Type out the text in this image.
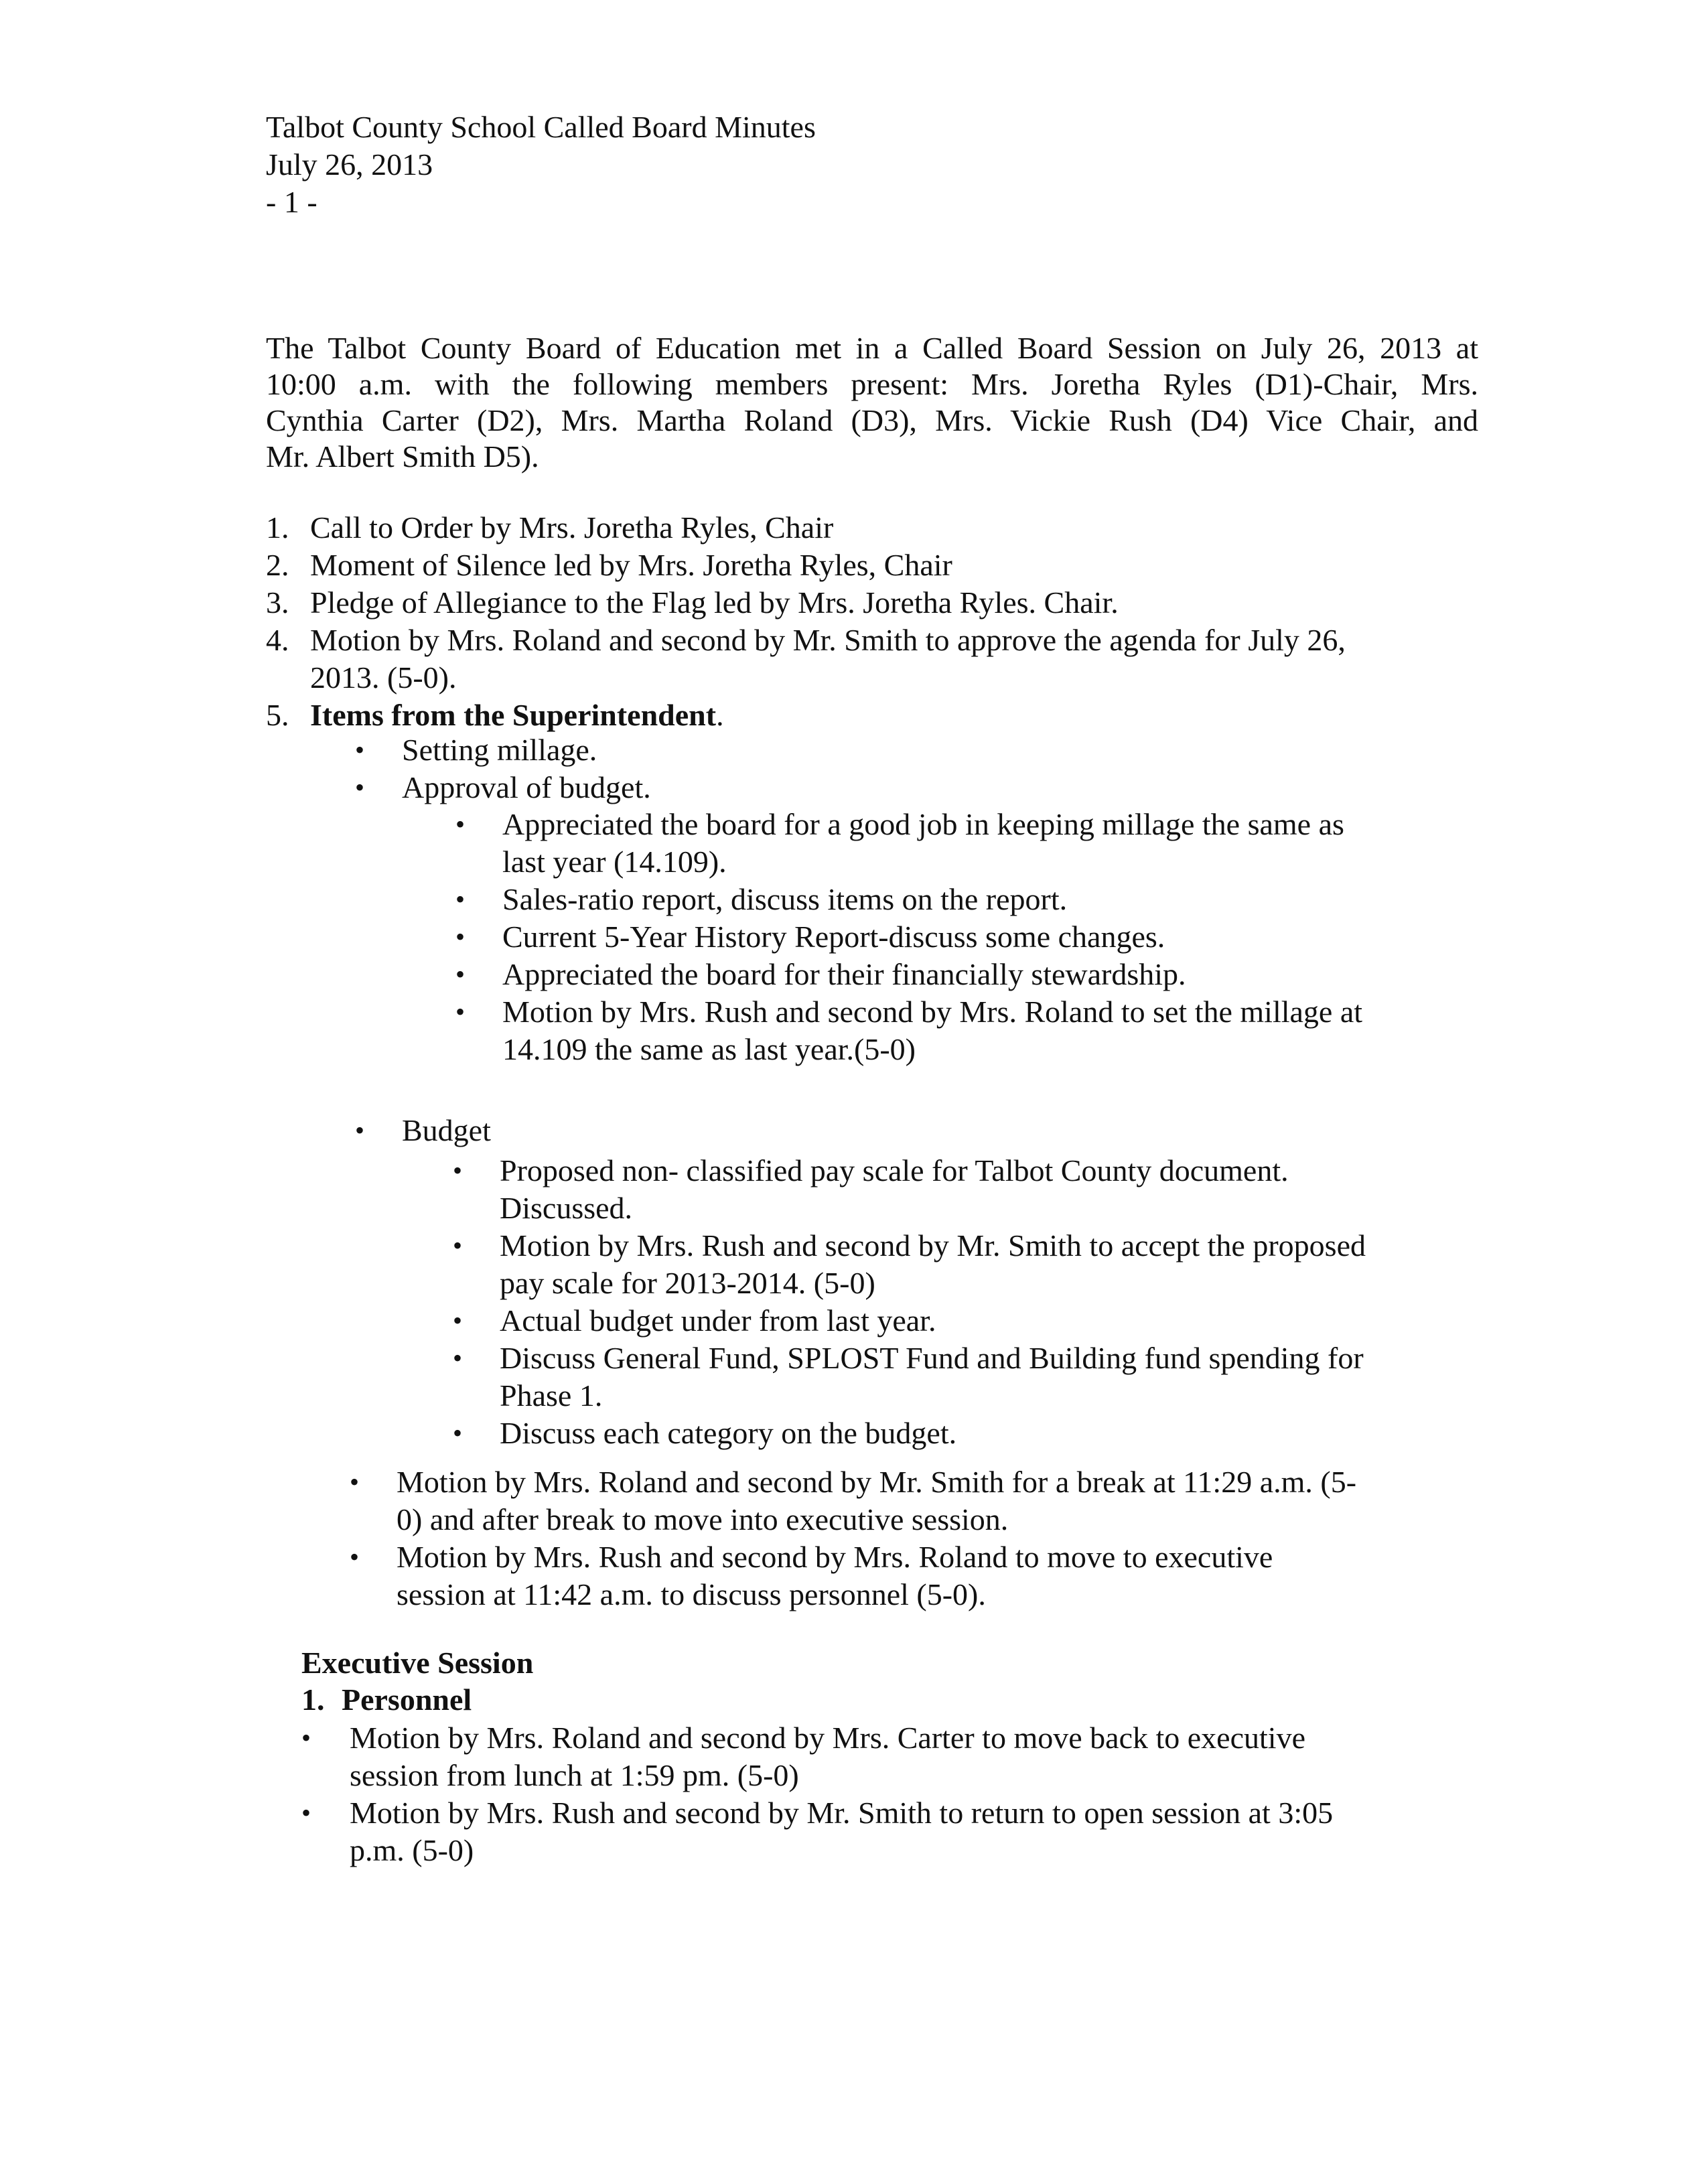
Talbot County School Called Board Minutes
July 26, 2013
- 1 -
The Talbot County Board of Education met in a Called Board Session on July 26, 2013 at
10:00 a.m. with the following members present: Mrs. Joretha Ryles (D1)-Chair, Mrs.
Cynthia Carter (D2), Mrs. Martha Roland (D3), Mrs. Vickie Rush (D4) Vice Chair, and
Mr. Albert Smith D5).
1. Call to Order by Mrs. Joretha Ryles, Chair
2. Moment of Silence led by Mrs. Joretha Ryles, Chair
3. Pledge of Allegiance to the Flag led by Mrs. Joretha Ryles. Chair.
4. Motion by Mrs. Roland and second by Mr. Smith to approve the agenda for July 26,
2013. (5-0).
5. Items from the Superintendent.
•	Setting millage.
•	Approval of budget.
•	Appreciated the board for a good job in keeping millage the same as
last year (14.109).
•	Sales-ratio report, discuss items on the report.
•	Current 5-Year History Report-discuss some changes.
•	Appreciated the board for their financially stewardship.
•	Motion by Mrs. Rush and second by Mrs. Roland to set the millage at
14.109 the same as last year.(5-0)
•	Budget
•	Proposed non- classified pay scale for Talbot County document.
Discussed.
•	Motion by Mrs. Rush and second by Mr. Smith to accept the proposed
pay scale for 2013-2014. (5-0)
•	Actual budget under from last year.
•	Discuss General Fund, SPLOST Fund and Building fund spending for
Phase 1.
•	Discuss each category on the budget.
•	Motion by Mrs. Roland and second by Mr. Smith for a break at 11:29 a.m. (5-
0) and after break to move into executive session.
•	Motion by Mrs. Rush and second by Mrs. Roland to move to executive
session at 11:42 a.m. to discuss personnel (5-0).
Executive Session
1. Personnel
•	Motion by Mrs. Roland and second by Mrs. Carter to move back to executive
session from lunch at 1:59 pm. (5-0)
•	Motion by Mrs. Rush and second by Mr. Smith to return to open session at 3:05
p.m. (5-0)
